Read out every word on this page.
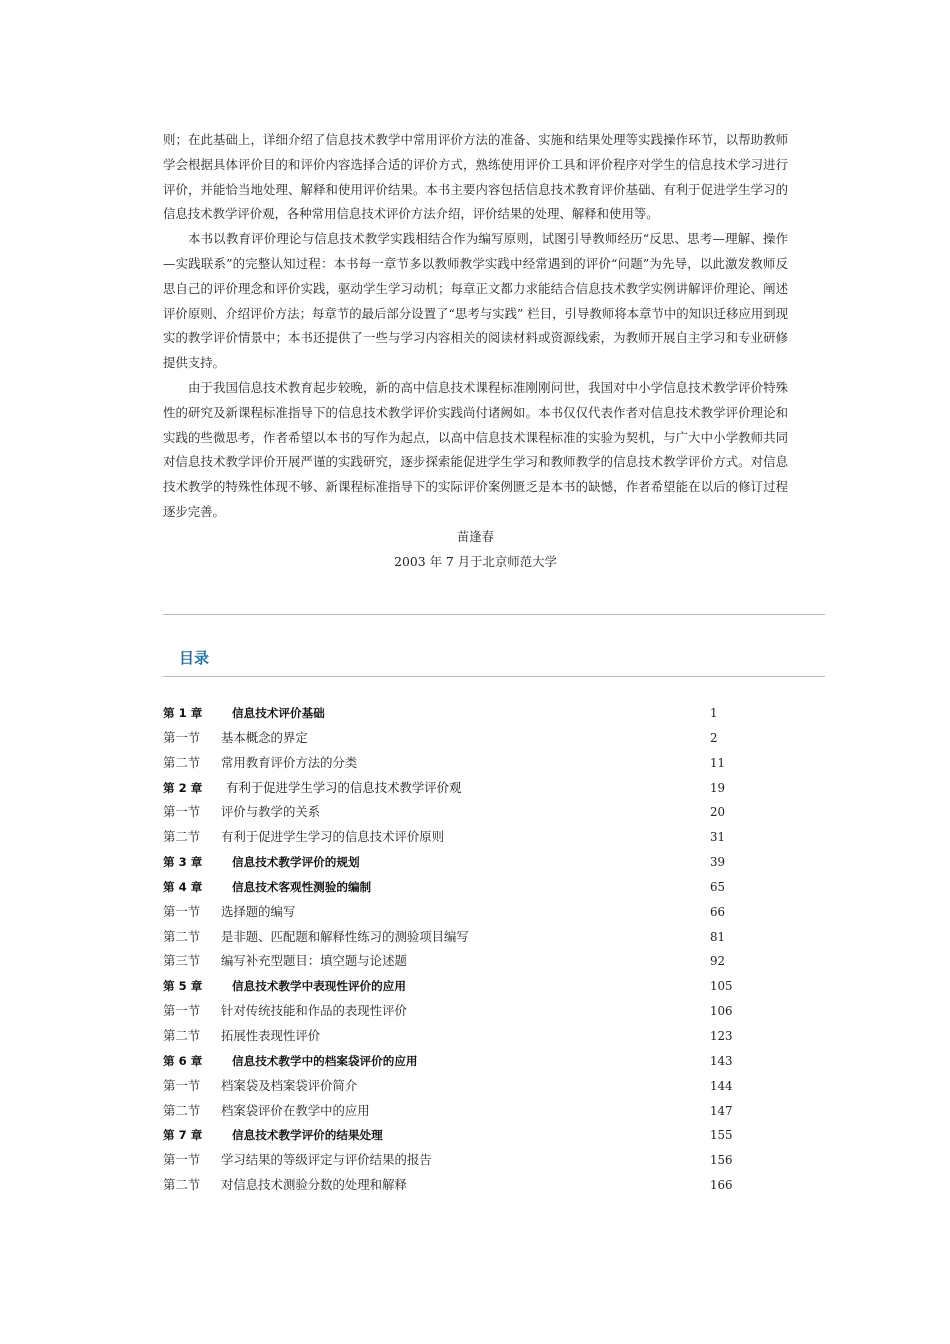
则；在此基础上，详细介绍了信息技术教学中常用评价方法的准备、实施和结果处理等实践操作环节，以帮助教师学会根据具体评价目的和评价内容选择合适的评价方式，熟练使用评价工具和评价程序对学生的信息技术学习进行评价，并能恰当地处理、解释和使用评价结果。本书主要内容包括信息技术教育评价基础、有利于促进学生学习的信息技术教学评价观，各种常用信息技术评价方法介绍，评价结果的处理、解释和使用等。

本书以教育评价理论与信息技术教学实践相结合作为编写原则，试图引导教师经历“反思、思考—理解、操作—实践联系”的完整认知过程：本书每一章节多以教师教学实践中经常遇到的评价“问题”为先导，以此激发教师反思自己的评价理念和评价实践，驱动学生学习动机；每章正文都力求能结合信息技术教学实例讲解评价理论、阐述评价原则、介绍评价方法；每章节的最后部分设置了“思考与实践” 栏目，引导教师将本章节中的知识迁移应用到现实的教学评价情景中；本书还提供了一些与学习内容相关的阅读材料或资源线索，为教师开展自主学习和专业研修提供支持。

由于我国信息技术教育起步较晚，新的高中信息技术课程标准刚刚问世，我国对中小学信息技术教学评价特殊性的研究及新课程标准指导下的信息技术教学评价实践尚付诸阙如。本书仅仅代表作者对信息技术教学评价理论和实践的些微思考，作者希望以本书的写作为起点，以高中信息技术课程标准的实验为契机，与广大中小学教师共同对信息技术教学评价开展严谨的实践研究，逐步探索能促进学生学习和教师教学的信息技术教学评价方式。对信息技术教学的特殊性体现不够、新课程标准指导下的实际评价案例匮乏是本书的缺憾，作者希望能在以后的修订过程逐步完善。

苗逢春
2003 年 7 月于北京师范大学
目录
第 1 章	信息技术评价基础	1
第一节 基本概念的界定	2
第二节 常用教育评价方法的分类	11
第 2 章 有利于促进学生学习的信息技术教学评价观	19
第一节 评价与教学的关系	20
第二节 有利于促进学生学习的信息技术评价原则	31
第 3 章	信息技术教学评价的规划	39
第 4 章	信息技术客观性测验的编制	65
第一节 选择题的编写	66
第二节 是非题、匹配题和解释性练习的测验项目编写	81
第三节 编写补充型题目：填空题与论述题	92
第 5 章	信息技术教学中表现性评价的应用	105
第一节 针对传统技能和作品的表现性评价	106
第二节 拓展性表现性评价	123
第 6 章	信息技术教学中的档案袋评价的应用	143
第一节 档案袋及档案袋评价简介	144
第二节 档案袋评价在教学中的应用	147
第 7 章	信息技术教学评价的结果处理	155
第一节 学习结果的等级评定与评价结果的报告	156
第二节 对信息技术测验分数的处理和解释	166
